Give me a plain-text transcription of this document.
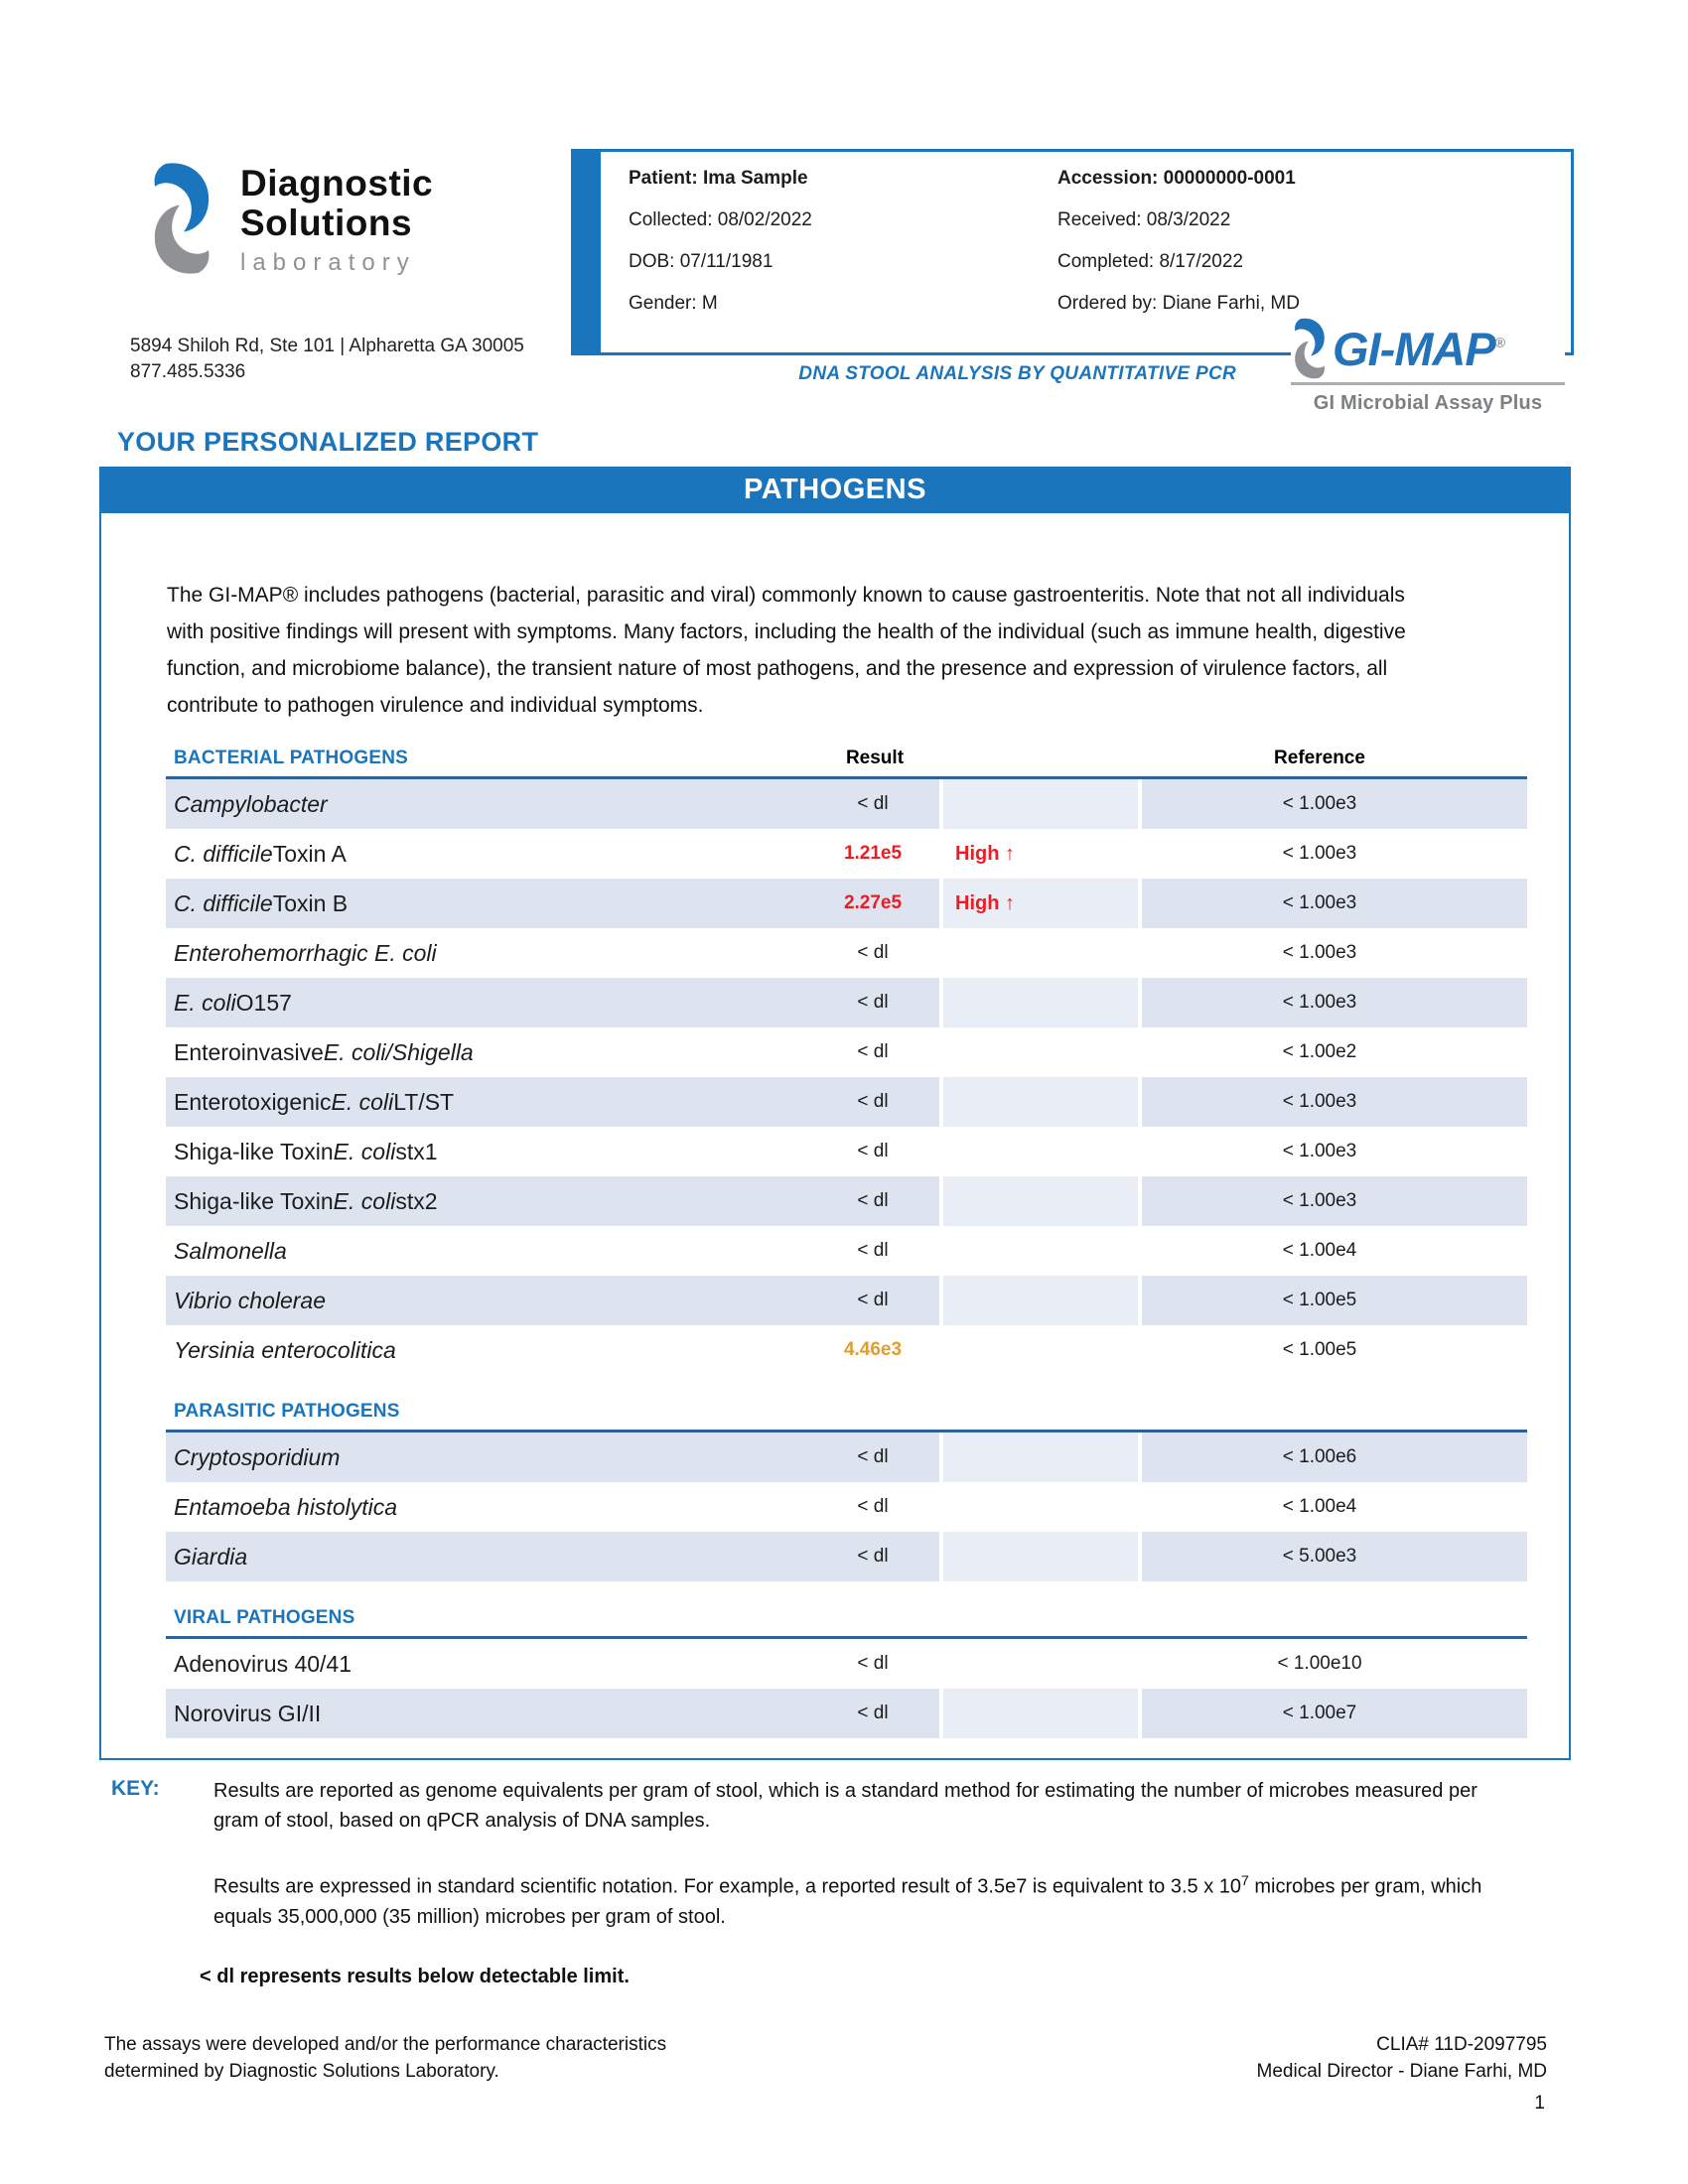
Diagnostic
Solutions
laboratory
5894 Shiloh Rd, Ste 101 | Alpharetta GA 30005
877.485.5336
Patient: Ima Sample
Collected: 08/02/2022
DOB: 07/11/1981
Gender: M
Accession: 00000000-0001
Received: 08/3/2022
Completed: 8/17/2022
Ordered by: Diane Farhi, MD
DNA STOOL ANALYSIS BY QUANTITATIVE PCR GI-MAP®
GI Microbial Assay Plus
YOUR PERSONALIZED REPORT
PATHOGENS

The GI-MAP® includes pathogens (bacterial, parasitic and viral) commonly known to cause gastroenteritis. Note that not all individuals with positive findings will present with symptoms. Many factors, including the health of the individual (such as immune health, digestive function, and microbiome balance), the transient nature of most pathogens, and the presence and expression of virulence factors, all contribute to pathogen virulence and individual symptoms.

BACTERIAL PATHOGENS	Result	Reference
Campylobacter	< dl	< 1.00e3
C. difficile Toxin A	1.21e5	High ↑	< 1.00e3
C. difficile Toxin B	2.27e5	High ↑	< 1.00e3
Enterohemorrhagic E. coli	< dl	< 1.00e3
E. coli O157	< dl	< 1.00e3
Enteroinvasive E. coli/Shigella	< dl	< 1.00e2
Enterotoxigenic E. coli LT/ST	< dl	< 1.00e3
Shiga-like Toxin E. coli stx1	< dl	< 1.00e3
Shiga-like Toxin E. coli stx2	< dl	< 1.00e3
Salmonella	< dl	< 1.00e4
Vibrio cholerae	< dl	< 1.00e5
Yersinia enterocolitica	4.46e3	< 1.00e5
PARASITIC PATHOGENS
Cryptosporidium	< dl	< 1.00e6
Entamoeba histolytica	< dl	< 1.00e4
Giardia	< dl	< 5.00e3
VIRAL PATHOGENS
Adenovirus 40/41	< dl	< 1.00e10
Norovirus GI/II	< dl	< 1.00e7
KEY:	Results are reported as genome equivalents per gram of stool, which is a standard method for estimating the number of microbes measured per gram of stool, based on qPCR analysis of DNA samples.

Results are expressed in standard scientific notation. For example, a reported result of 3.5e7 is equivalent to 3.5 x $10^7$ microbes per gram, which equals 35,000,000 (35 million) microbes per gram of stool.

< dl represents results below detectable limit.

The assays were developed and/or the performance characteristics
determined by Diagnostic Solutions Laboratory.
CLIA# 11D-2097795
Medical Director - Diane Farhi, MD
1
